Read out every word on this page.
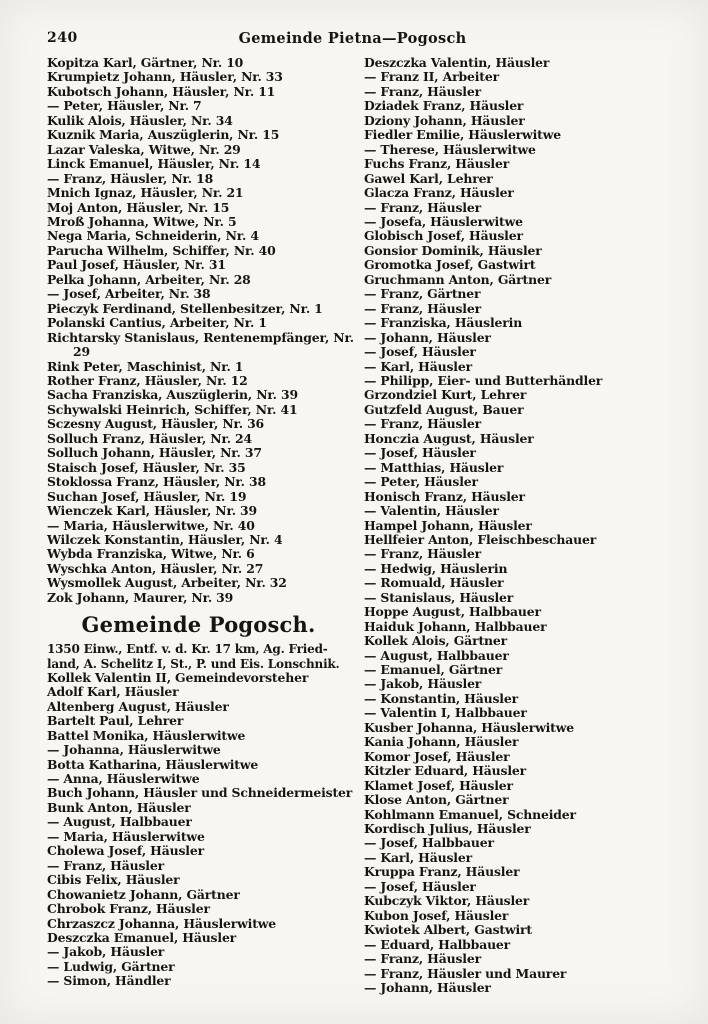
240	Gemeinde Pietna—Pogosch
Kopitza Karl, Gärtner, Nr. 10
Krumpietz Johann, Häusler, Nr. 33
Kubotsch Johann, Häusler, Nr. 11
— Peter, Häusler, Nr. 7
Kulik Alois, Häusler, Nr. 34
Kuznik Maria, Auszüglerin, Nr. 15
Lazar Valeska, Witwe, Nr. 29
Linck Emanuel, Häusler, Nr. 14
— Franz, Häusler, Nr. 18
Mnich Ignaz, Häusler, Nr. 21
Moj Anton, Häusler, Nr. 15
Mroß Johanna, Witwe, Nr. 5
Nega Maria, Schneiderin, Nr. 4
Parucha Wilhelm, Schiffer, Nr. 40
Paul Josef, Häusler, Nr. 31
Pelka Johann, Arbeiter, Nr. 28
— Josef, Arbeiter, Nr. 38
Pieczyk Ferdinand, Stellenbesitzer, Nr. 1
Polanski Cantius, Arbeiter, Nr. 1
Richtarsky Stanislaus, Rentenempfänger, Nr. 29
Rink Peter, Maschinist, Nr. 1
Rother Franz, Häusler, Nr. 12
Sacha Franziska, Auszüglerin, Nr. 39
Schywalski Heinrich, Schiffer, Nr. 41
Sczesny August, Häusler, Nr. 36
Solluch Franz, Häusler, Nr. 24
Solluch Johann, Häusler, Nr. 37
Staisch Josef, Häusler, Nr. 35
Stoklossa Franz, Häusler, Nr. 38
Suchan Josef, Häusler, Nr. 19
Wienczek Karl, Häusler, Nr. 39
— Maria, Häuslerwitwe, Nr. 40
Wilczek Konstantin, Häusler, Nr. 4
Wybda Franziska, Witwe, Nr. 6
Wyschka Anton, Häusler, Nr. 27
Wysmollek August, Arbeiter, Nr. 32
Zok Johann, Maurer, Nr. 39
Gemeinde Pogosch.
1350 Einw., Entf. v. d. Kr. 17 km, Ag. Fried-
land, A. Schelitz I, St., P. und Eis. Lonschnik.
Kollek Valentin II, Gemeindevorsteher
Adolf Karl, Häusler
Altenberg August, Häusler
Bartelt Paul, Lehrer
Battel Monika, Häuslerwitwe
— Johanna, Häuslerwitwe
Botta Katharina, Häuslerwitwe
— Anna, Häuslerwitwe
Buch Johann, Häusler und Schneidermeister
Bunk Anton, Häusler
— August, Halbbauer
— Maria, Häuslerwitwe
Cholewa Josef, Häusler
— Franz, Häusler
Cibis Felix, Häusler
Chowanietz Johann, Gärtner
Chrobok Franz, Häusler
Chrzaszcz Johanna, Häuslerwitwe
Deszczka Emanuel, Häusler
— Jakob, Häusler
— Ludwig, Gärtner
— Simon, Händler
Deszczka Valentin, Häusler
— Franz II, Arbeiter
— Franz, Häusler
Dziadek Franz, Häusler
Dziony Johann, Häusler
Fiedler Emilie, Häuslerwitwe
— Therese, Häuslerwitwe
Fuchs Franz, Häusler
Gawel Karl, Lehrer
Glacza Franz, Häusler
— Franz, Häusler
— Josefa, Häuslerwitwe
Globisch Josef, Häusler
Gonsior Dominik, Häusler
Gromotka Josef, Gastwirt
Gruchmann Anton, Gärtner
— Franz, Gärtner
— Franz, Häusler
— Franziska, Häuslerin
— Johann, Häusler
— Josef, Häusler
— Karl, Häusler
— Philipp, Eier- und Butterhändler
Grzondziel Kurt, Lehrer
Gutzfeld August, Bauer
— Franz, Häusler
Honczia August, Häusler
— Josef, Häusler
— Matthias, Häusler
— Peter, Häusler
Honisch Franz, Häusler
— Valentin, Häusler
Hampel Johann, Häusler
Hellfeier Anton, Fleischbeschauer
— Franz, Häusler
— Hedwig, Häuslerin
— Romuald, Häusler
— Stanislaus, Häusler
Hoppe August, Halbbauer
Haiduk Johann, Halbbauer
Kollek Alois, Gärtner
— August, Halbbauer
— Emanuel, Gärtner
— Jakob, Häusler
— Konstantin, Häusler
— Valentin I, Halbbauer
Kusber Johanna, Häuslerwitwe
Kania Johann, Häusler
Komor Josef, Häusler
Kitzler Eduard, Häusler
Klamet Josef, Häusler
Klose Anton, Gärtner
Kohlmann Emanuel, Schneider
Kordisch Julius, Häusler
— Josef, Halbbauer
— Karl, Häusler
Kruppa Franz, Häusler
— Josef, Häusler
Kubczyk Viktor, Häusler
Kubon Josef, Häusler
Kwiotek Albert, Gastwirt
— Eduard, Halbbauer
— Franz, Häusler
— Franz, Häusler und Maurer
— Johann, Häusler
